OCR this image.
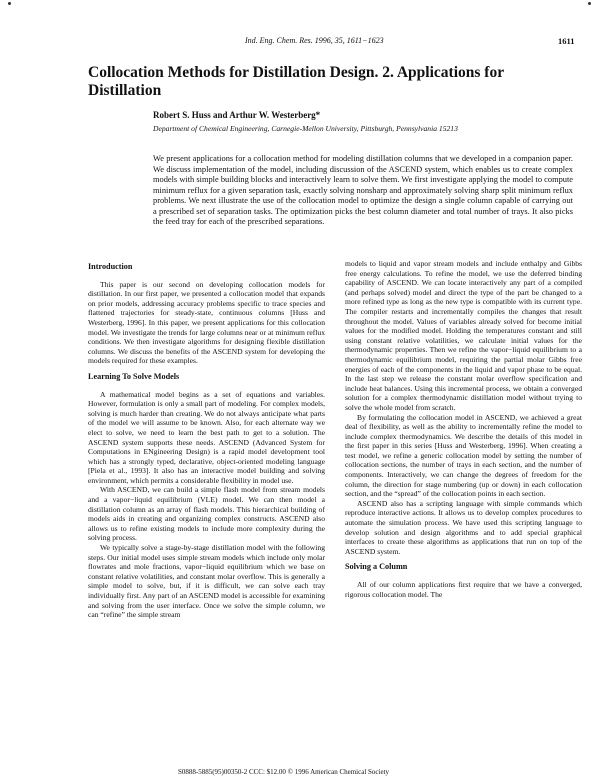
Ind. Eng. Chem. Res. 1996, 35, 1611−1623	1611
Collocation Methods for Distillation Design. 2. Applications for Distillation
Robert S. Huss and Arthur W. Westerberg*
Department of Chemical Engineering, Carnegie-Mellon University, Pittsburgh, Pennsylvania 15213

We present applications for a collocation method for modeling distillation columns that we developed in a companion paper. We discuss implementation of the model, including discussion of the ASCEND system, which enables us to create complex models with simple building blocks and interactively learn to solve them. We first investigate applying the model to compute minimum reflux for a given separation task, exactly solving nonsharp and approximately solving sharp split minimum reflux problems. We next illustrate the use of the collocation model to optimize the design a single column capable of carrying out a prescribed set of separation tasks. The optimization picks the best column diameter and total number of trays. It also picks the feed tray for each of the prescribed separations.

Introduction

This paper is our second on developing collocation models for distillation. In our first paper, we presented a collocation model that expands on prior models, addressing accuracy problems specific to trace species and flattened trajectories for steady-state, continuous columns [Huss and Westerberg, 1996]. In this paper, we present applications for this collocation model. We investigate the trends for large columns near or at minimum reflux conditions. We then investigate algorithms for designing flexible distillation columns. We discuss the benefits of the ASCEND system for developing the models required for these examples.

Learning To Solve Models

A mathematical model begins as a set of equations and variables. However, formulation is only a small part of modeling. For complex models, solving is much harder than creating. We do not always anticipate what parts of the model we will assume to be known. Also, for each alternate way we elect to solve, we need to learn the best path to get to a solution. The ASCEND system supports these needs. ASCEND (Advanced System for Computations in ENgineering Design) is a rapid model development tool which has a strongly typed, declarative, object-oriented modeling language [Piela et al., 1993]. It also has an interactive model building and solving environment, which permits a considerable flexibility in model use.

With ASCEND, we can build a simple flash model from stream models and a vapor−liquid equilibrium (VLE) model. We can then model a distillation column as an array of flash models. This hierarchical building of models aids in creating and organizing complex constructs. ASCEND also allows us to refine existing models to include more complexity during the solving process.

We typically solve a stage-by-stage distillation model with the following steps. Our initial model uses simple stream models which include only molar flowrates and mole fractions, vapor−liquid equilibrium which we base on constant relative volatilities, and constant molar overflow. This is generally a simple model to solve, but, if it is difficult, we can solve each tray individually first. Any part of an ASCEND model is accessible for examining and solving from the user interface. Once we solve the simple column, we can “refine” the simple stream

models to liquid and vapor stream models and include enthalpy and Gibbs free energy calculations. To refine the model, we use the deferred binding capability of ASCEND. We can locate interactively any part of a compiled (and perhaps solved) model and direct the type of the part be changed to a more refined type as long as the new type is compatible with its current type. The compiler restarts and incrementally compiles the changes that result throughout the model. Values of variables already solved for become initial values for the modified model. Holding the temperatures constant and still using constant relative volatilities, we calculate initial values for the thermodynamic properties. Then we refine the vapor−liquid equilibrium to a thermodynamic equilibrium model, requiring the partial molar Gibbs free energies of each of the components in the liquid and vapor phase to be equal. In the last step we release the constant molar overflow specification and include heat balances. Using this incremental process, we obtain a converged solution for a complex thermodynamic distillation model without trying to solve the whole model from scratch.

By formulating the collocation model in ASCEND, we achieved a great deal of flexibility, as well as the ability to incrementally refine the model to include complex thermodynamics. We describe the details of this model in the first paper in this series [Huss and Westerberg, 1996]. When creating a test model, we refine a generic collocation model by setting the number of collocation sections, the number of trays in each section, and the number of components. Interactively, we can change the degrees of freedom for the column, the direction for stage numbering (up or down) in each collocation section, and the “spread” of the collocation points in each section.

ASCEND also has a scripting language with simple commands which reproduce interactive actions. It allows us to develop complex procedures to automate the simulation process. We have used this scripting language to develop solution and design algorithms and to add special graphical interfaces to create these algorithms as applications that run on top of the ASCEND system.

Solving a Column

All of our column applications first require that we have a converged, rigorous collocation model. The

S0888-5885(95)00350-2 CCC: $12.00 © 1996 American Chemical Society
